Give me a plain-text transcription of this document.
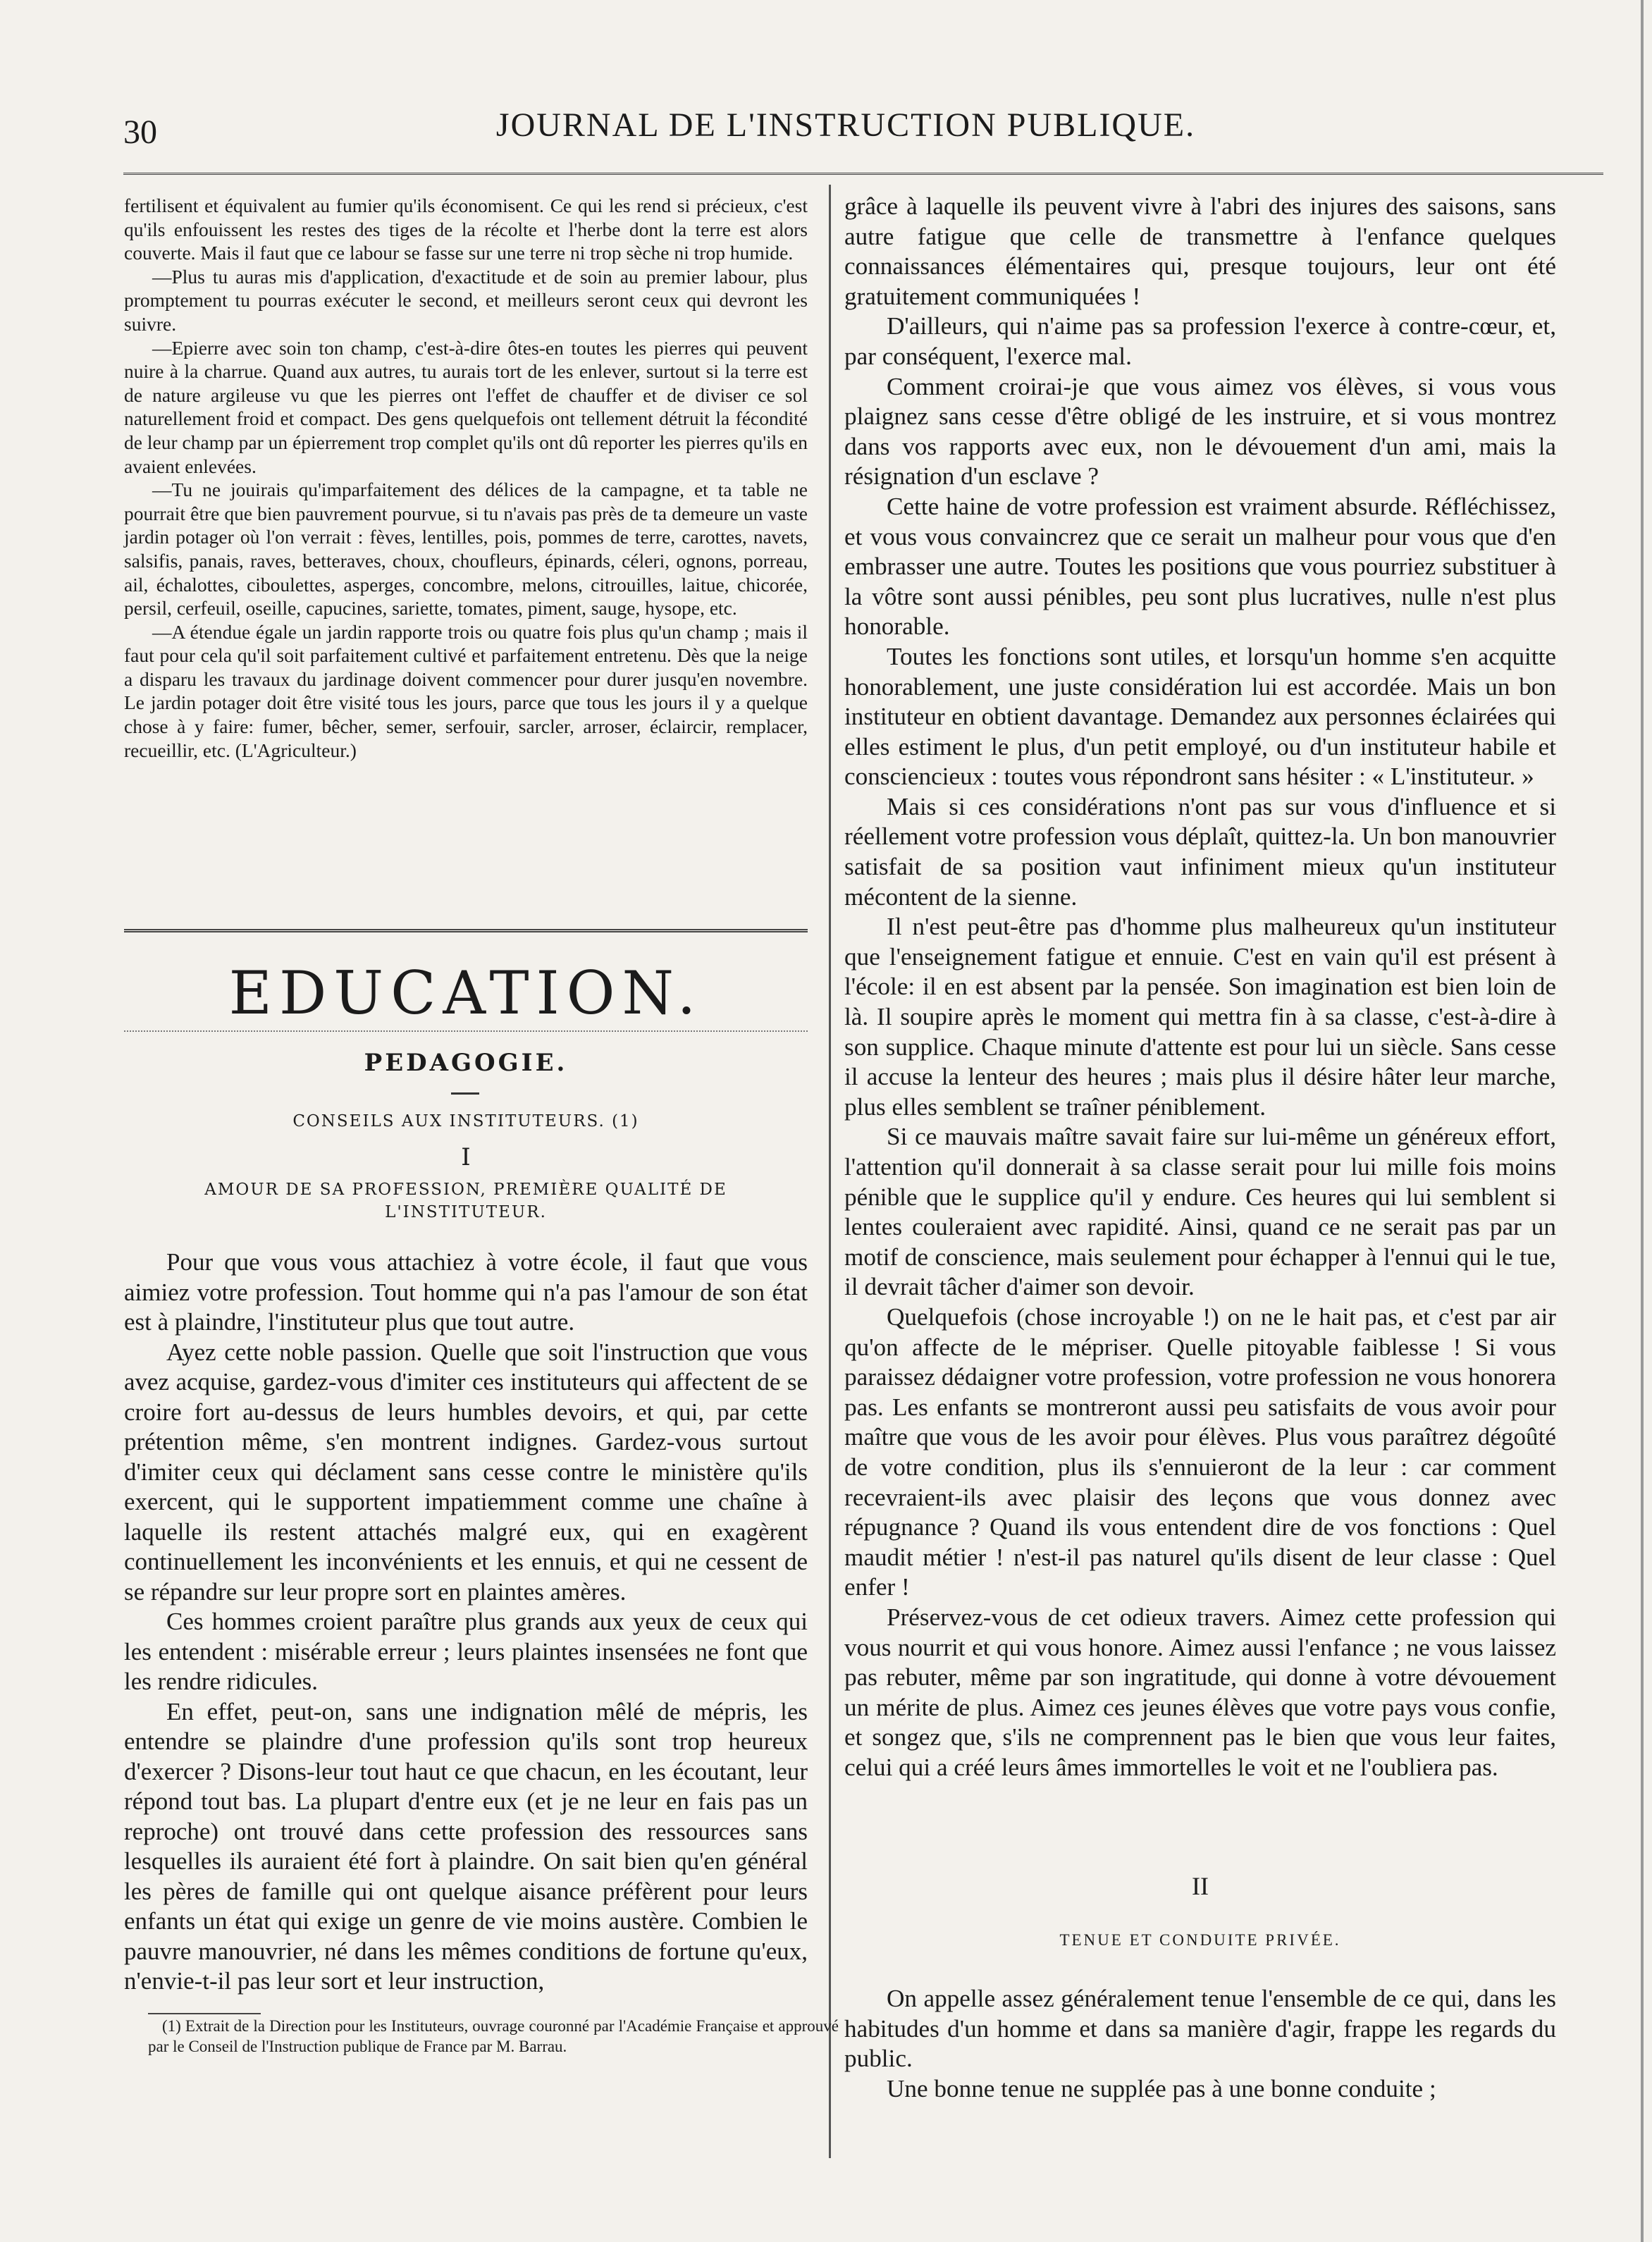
30	JOURNAL DE L'INSTRUCTION PUBLIQUE.

fertilisent et équivalent au fumier qu'ils économisent. Ce qui les rend si précieux, c'est qu'ils enfouissent les restes des tiges de la récolte et l'herbe dont la terre est alors couverte. Mais il faut que ce labour se fasse sur une terre ni trop sèche ni trop humide.

—Plus tu auras mis d'application, d'exactitude et de soin au premier labour, plus promptement tu pourras exécuter le second, et meilleurs seront ceux qui devront les suivre.

—Epierre avec soin ton champ, c'est-à-dire ôtes-en toutes les pierres qui peuvent nuire à la charrue. Quand aux autres, tu aurais tort de les enlever, surtout si la terre est de nature argileuse vu que les pierres ont l'effet de chauffer et de diviser ce sol naturellement froid et compact. Des gens quelquefois ont tellement détruit la fécondité de leur champ par un épierrement trop complet qu'ils ont dû reporter les pierres qu'ils en avaient enlevées.

—Tu ne jouirais qu'imparfaitement des délices de la campagne, et ta table ne pourrait être que bien pauvrement pourvue, si tu n'avais pas près de ta demeure un vaste jardin potager où l'on verrait : fèves, lentilles, pois, pommes de terre, carottes, navets, salsifis, panais, raves, betteraves, choux, choufleurs, épinards, céleri, ognons, porreau, ail, échalottes, ciboulettes, asperges, concombre, melons, citrouilles, laitue, chicorée, persil, cerfeuil, oseille, capucines, sariette, tomates, piment, sauge, hysope, etc.

—A étendue égale un jardin rapporte trois ou quatre fois plus qu'un champ ; mais il faut pour cela qu'il soit parfaitement cultivé et parfaitement entretenu. Dès que la neige a disparu les travaux du jardinage doivent commencer pour durer jusqu'en novembre. Le jardin potager doit être visité tous les jours, parce que tous les jours il y a quelque chose à y faire: fumer, bêcher, semer, serfouir, sarcler, arroser, éclaircir, remplacer, recueillir, etc. (L'Agriculteur.)

EDUCATION.
PEDAGOGIE.
CONSEILS AUX INSTITUTEURS. (1)
I
AMOUR DE SA PROFESSION, PREMIÈRE QUALITÉ DE L'INSTITUTEUR.

Pour que vous vous attachiez à votre école, il faut que vous aimiez votre profession. Tout homme qui n'a pas l'amour de son état est à plaindre, l'instituteur plus que tout autre.

Ayez cette noble passion. Quelle que soit l'instruction que vous avez acquise, gardez-vous d'imiter ces instituteurs qui affectent de se croire fort au-dessus de leurs humbles devoirs, et qui, par cette prétention même, s'en montrent indignes. Gardez-vous surtout d'imiter ceux qui déclament sans cesse contre le ministère qu'ils exercent, qui le supportent impatiemment comme une chaîne à laquelle ils restent attachés malgré eux, qui en exagèrent continuellement les inconvénients et les ennuis, et qui ne cessent de se répandre sur leur propre sort en plaintes amères.

Ces hommes croient paraître plus grands aux yeux de ceux qui les entendent : misérable erreur ; leurs plaintes insensées ne font que les rendre ridicules.

En effet, peut-on, sans une indignation mêlé de mépris, les entendre se plaindre d'une profession qu'ils sont trop heureux d'exercer ? Disons-leur tout haut ce que chacun, en les écoutant, leur répond tout bas. La plupart d'entre eux (et je ne leur en fais pas un reproche) ont trouvé dans cette profession des ressources sans lesquelles ils auraient été fort à plaindre. On sait bien qu'en général les pères de famille qui ont quelque aisance préfèrent pour leurs enfants un état qui exige un genre de vie moins austère. Combien le pauvre manouvrier, né dans les mêmes conditions de fortune qu'eux, n'envie-t-il pas leur sort et leur instruction,

(1) Extrait de la Direction pour les Instituteurs, ouvrage couronné par l'Académie Française et approuvé par le Conseil de l'Instruction publique de France par M. Barrau.

grâce à laquelle ils peuvent vivre à l'abri des injures des saisons, sans autre fatigue que celle de transmettre à l'enfance quelques connaissances élémentaires qui, presque toujours, leur ont été gratuitement communiquées !

D'ailleurs, qui n'aime pas sa profession l'exerce à contre-cœur, et, par conséquent, l'exerce mal.

Comment croirai-je que vous aimez vos élèves, si vous vous plaignez sans cesse d'être obligé de les instruire, et si vous montrez dans vos rapports avec eux, non le dévouement d'un ami, mais la résignation d'un esclave ?

Cette haine de votre profession est vraiment absurde. Réfléchissez, et vous vous convaincrez que ce serait un malheur pour vous que d'en embrasser une autre. Toutes les positions que vous pourriez substituer à la vôtre sont aussi pénibles, peu sont plus lucratives, nulle n'est plus honorable.

Toutes les fonctions sont utiles, et lorsqu'un homme s'en acquitte honorablement, une juste considération lui est accordée. Mais un bon instituteur en obtient davantage. Demandez aux personnes éclairées qui elles estiment le plus, d'un petit employé, ou d'un instituteur habile et consciencieux : toutes vous répondront sans hésiter : « L'instituteur. »

Mais si ces considérations n'ont pas sur vous d'influence et si réellement votre profession vous déplaît, quittez-la. Un bon manouvrier satisfait de sa position vaut infiniment mieux qu'un instituteur mécontent de la sienne.

Il n'est peut-être pas d'homme plus malheureux qu'un instituteur que l'enseignement fatigue et ennuie. C'est en vain qu'il est présent à l'école: il en est absent par la pensée. Son imagination est bien loin de là. Il soupire après le moment qui mettra fin à sa classe, c'est-à-dire à son supplice. Chaque minute d'attente est pour lui un siècle. Sans cesse il accuse la lenteur des heures ; mais plus il désire hâter leur marche, plus elles semblent se traîner péniblement.

Si ce mauvais maître savait faire sur lui-même un généreux effort, l'attention qu'il donnerait à sa classe serait pour lui mille fois moins pénible que le supplice qu'il y endure. Ces heures qui lui semblent si lentes couleraient avec rapidité. Ainsi, quand ce ne serait pas par un motif de conscience, mais seulement pour échapper à l'ennui qui le tue, il devrait tâcher d'aimer son devoir.

Quelquefois (chose incroyable !) on ne le hait pas, et c'est par air qu'on affecte de le mépriser. Quelle pitoyable faiblesse ! Si vous paraissez dédaigner votre profession, votre profession ne vous honorera pas. Les enfants se montreront aussi peu satisfaits de vous avoir pour maître que vous de les avoir pour élèves. Plus vous paraîtrez dégoûté de votre condition, plus ils s'ennuieront de la leur : car comment recevraient-ils avec plaisir des leçons que vous donnez avec répugnance ? Quand ils vous entendent dire de vos fonctions : Quel maudit métier ! n'est-il pas naturel qu'ils disent de leur classe : Quel enfer !

Préservez-vous de cet odieux travers. Aimez cette profession qui vous nourrit et qui vous honore. Aimez aussi l'enfance ; ne vous laissez pas rebuter, même par son ingratitude, qui donne à votre dévouement un mérite de plus. Aimez ces jeunes élèves que votre pays vous confie, et songez que, s'ils ne comprennent pas le bien que vous leur faites, celui qui a créé leurs âmes immortelles le voit et ne l'oubliera pas.

II
TENUE ET CONDUITE PRIVÉE.

On appelle assez généralement tenue l'ensemble de ce qui, dans les habitudes d'un homme et dans sa manière d'agir, frappe les regards du public.

Une bonne tenue ne supplée pas à une bonne conduite ;
